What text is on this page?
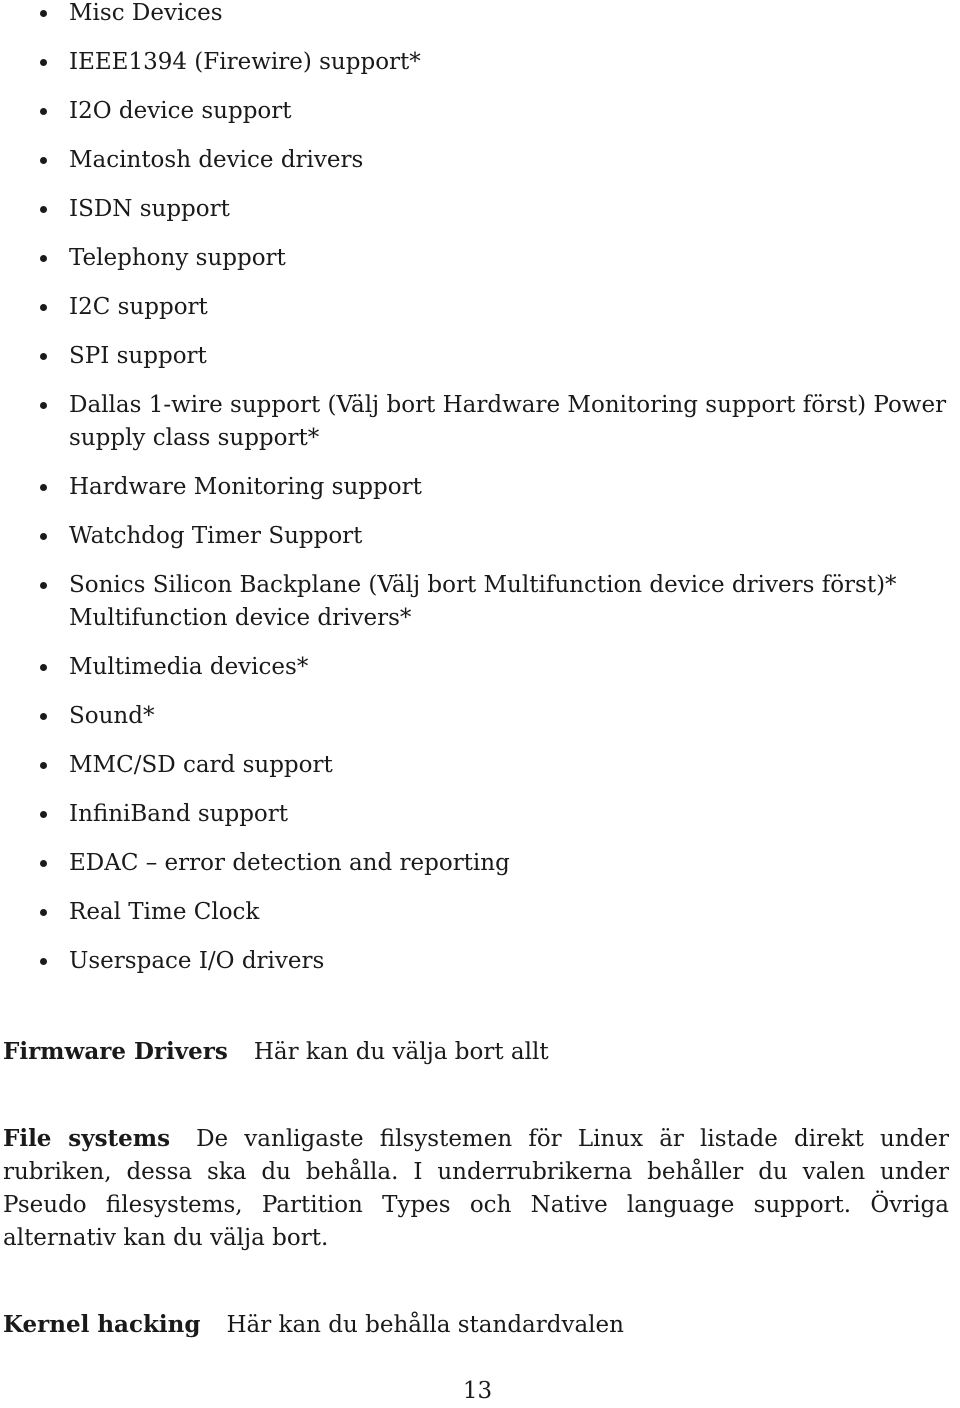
Misc Devices
IEEE1394 (Firewire) support*
I2O device support
Macintosh device drivers
ISDN support
Telephony support
I2C support
SPI support
Dallas 1-wire support (Välj bort Hardware Monitoring support först) Power supply class support*
Hardware Monitoring support
Watchdog Timer Support
Sonics Silicon Backplane (Välj bort Multifunction device drivers först)* Multifunction device drivers*
Multimedia devices*
Sound*
MMC/SD card support
InfiniBand support
EDAC – error detection and reporting
Real Time Clock
Userspace I/O drivers

Firmware Drivers Här kan du välja bort allt

File systems De vanligaste filsystemen för Linux är listade direkt under rubriken, dessa ska du behålla. I underrubrikerna behåller du valen under Pseudo filesystems, Partition Types och Native language support. Övriga alternativ kan du välja bort.

Kernel hacking Här kan du behålla standardvalen

13
